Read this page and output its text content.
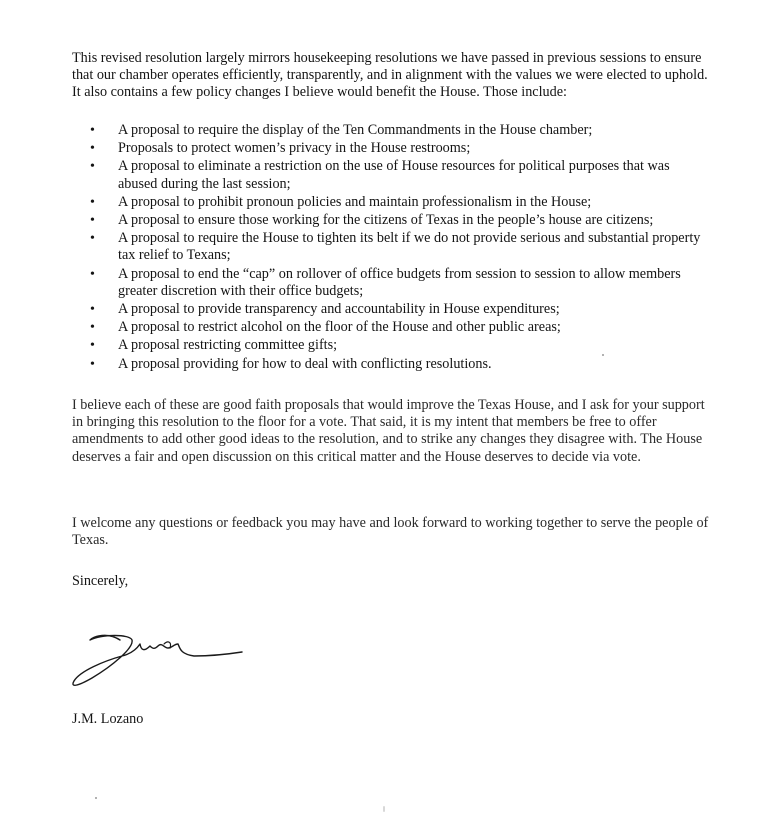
This revised resolution largely mirrors housekeeping resolutions we have passed in previous sessions to ensure that our chamber operates efficiently, transparently, and in alignment with the values we were elected to uphold. It also contains a few policy changes I believe would benefit the House. Those include:

• A proposal to require the display of the Ten Commandments in the House chamber;
• Proposals to protect women’s privacy in the House restrooms;
• A proposal to eliminate a restriction on the use of House resources for political purposes that was abused during the last session;
• A proposal to prohibit pronoun policies and maintain professionalism in the House;
• A proposal to ensure those working for the citizens of Texas in the people’s house are citizens;
• A proposal to require the House to tighten its belt if we do not provide serious and substantial property tax relief to Texans;
• A proposal to end the “cap” on rollover of office budgets from session to session to allow members greater discretion with their office budgets;
• A proposal to provide transparency and accountability in House expenditures;
• A proposal to restrict alcohol on the floor of the House and other public areas;
• A proposal restricting committee gifts;
• A proposal providing for how to deal with conflicting resolutions.

I believe each of these are good faith proposals that would improve the Texas House, and I ask for your support in bringing this resolution to the floor for a vote. That said, it is my intent that members be free to offer amendments to add other good ideas to the resolution, and to strike any changes they disagree with. The House deserves a fair and open discussion on this critical matter and the House deserves to decide via vote.

I welcome any questions or feedback you may have and look forward to working together to serve the people of Texas.

Sincerely,

J.M. Lozano
